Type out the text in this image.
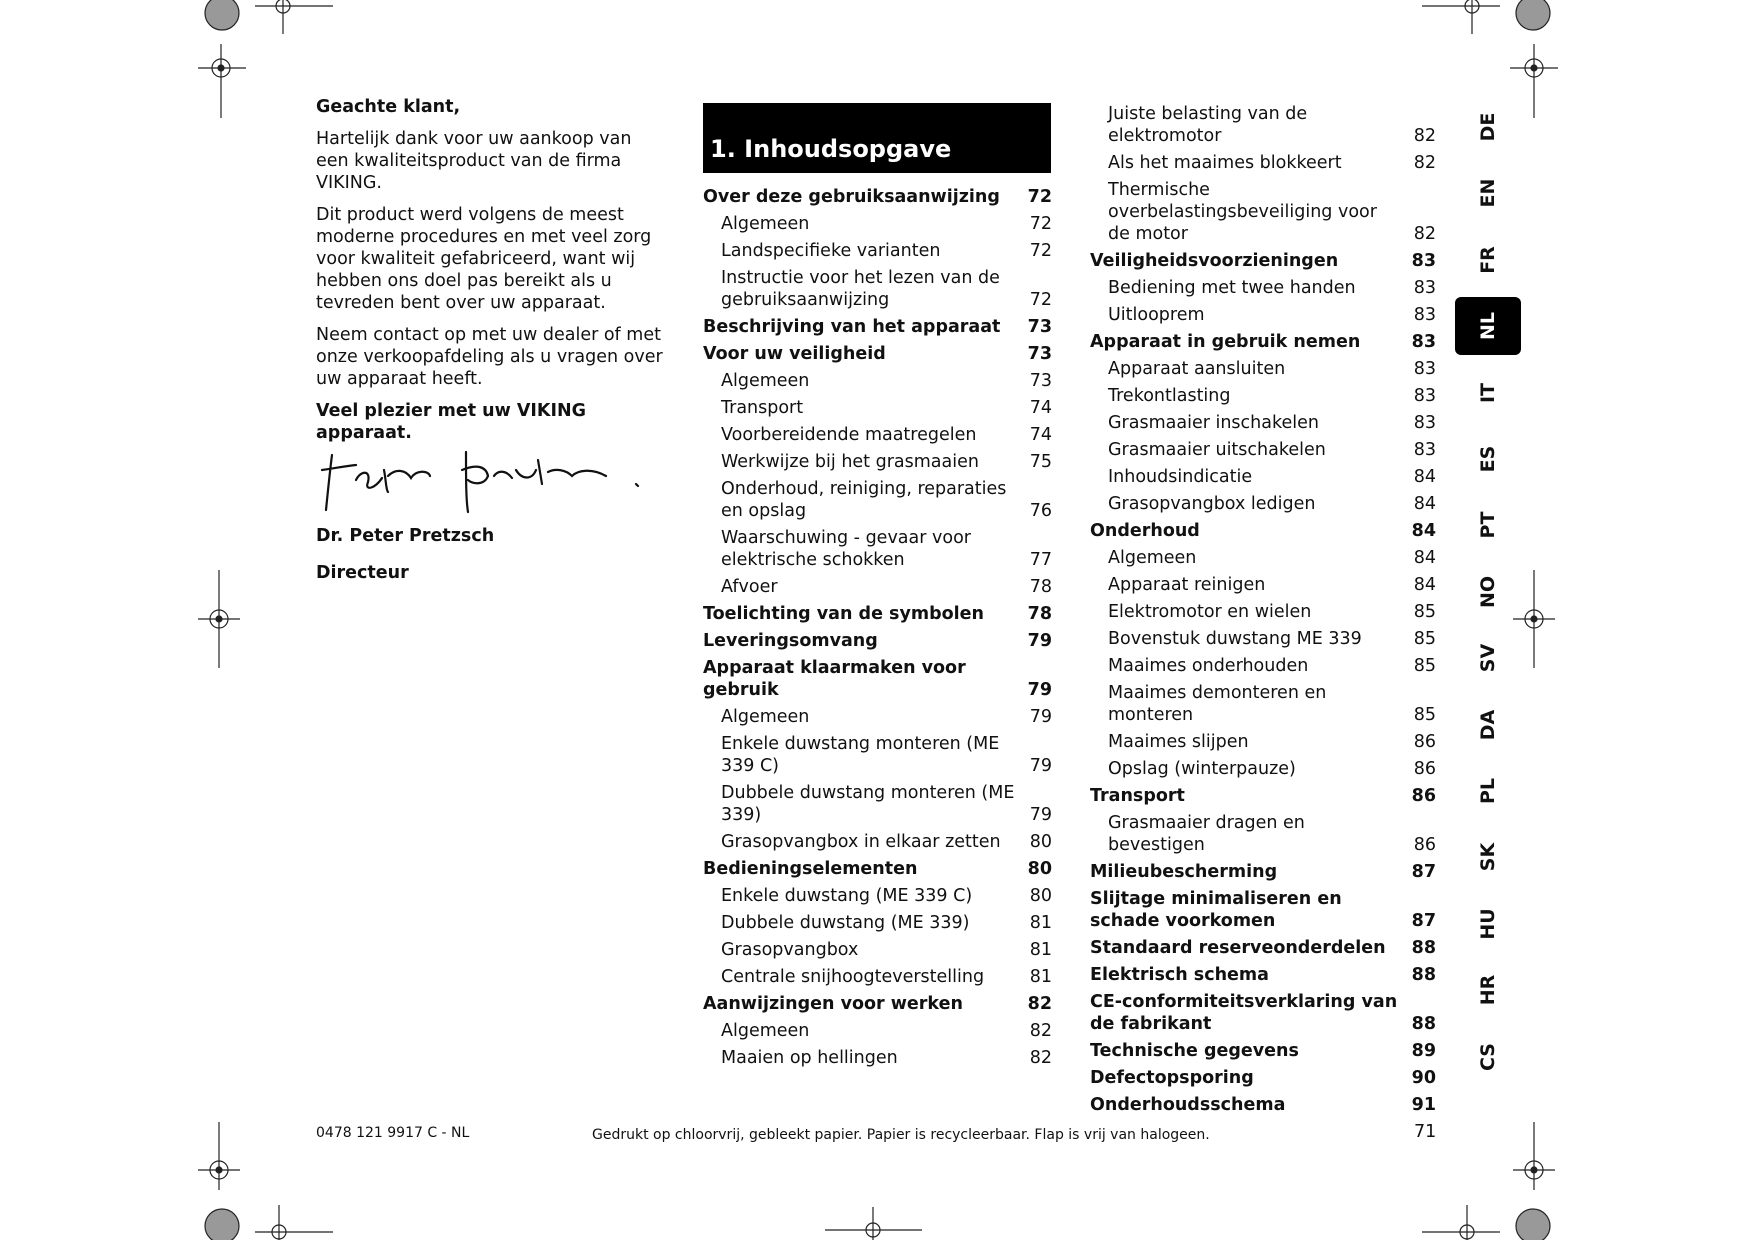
Geachte klant,

Hartelijk dank voor uw aankoop van een kwaliteitsproduct van de firma VIKING.

Dit product werd volgens de meest moderne procedures en met veel zorg voor kwaliteit gefabriceerd, want wij hebben ons doel pas bereikt als u tevreden bent over uw apparaat.

Neem contact op met uw dealer of met onze verkoopafdeling als u vragen over uw apparaat heeft.

Veel plezier met uw VIKING apparaat.

Dr. Peter Pretzsch
Directeur
1. Inhoudsopgave
Over deze gebruiksaanwijzing	72
Algemeen	72
Landspecifieke varianten	72
Instructie voor het lezen van de gebruiksaanwijzing	72
Beschrijving van het apparaat	73
Voor uw veiligheid	73
Algemeen	73
Transport	74
Voorbereidende maatregelen	74
Werkwijze bij het grasmaaien	75
Onderhoud, reiniging, reparaties en opslag	76
Waarschuwing - gevaar voor elektrische schokken	77
Afvoer	78
Toelichting van de symbolen	78
Leveringsomvang	79
Apparaat klaarmaken voor gebruik	79
Algemeen	79
Enkele duwstang monteren (ME 339 C)	79
Dubbele duwstang monteren (ME 339)	79
Grasopvangbox in elkaar zetten	80
Bedieningselementen	80
Enkele duwstang (ME 339 C)	80
Dubbele duwstang (ME 339)	81
Grasopvangbox	81
Centrale snijhoogteverstelling	81
Aanwijzingen voor werken	82
Algemeen	82
Maaien op hellingen	82
Juiste belasting van de elektromotor	82
Als het maaimes blokkeert	82
Thermische overbelastingsbeveiliging voor de motor	82
Veiligheidsvoorzieningen	83
Bediening met twee handen	83
Uitlooprem	83
Apparaat in gebruik nemen	83
Apparaat aansluiten	83
Trekontlasting	83
Grasmaaier inschakelen	83
Grasmaaier uitschakelen	83
Inhoudsindicatie	84
Grasopvangbox ledigen	84
Onderhoud	84
Algemeen	84
Apparaat reinigen	84
Elektromotor en wielen	85
Bovenstuk duwstang ME 339	85
Maaimes onderhouden	85
Maaimes demonteren en monteren	85
Maaimes slijpen	86
Opslag (winterpauze)	86
Transport	86
Grasmaaier dragen en bevestigen	86
Milieubescherming	87
Slijtage minimaliseren en schade voorkomen	87
Standaard reserveonderdelen	88
Elektrisch schema	88
CE-conformiteitsverklaring van de fabrikant	88
Technische gegevens	89
Defectopsporing	90
Onderhoudsschema	91
DE
EN
FR
NL
IT
ES
PT
NO
SV
DA
PL
SK
HU
HR
CS
0478 121 9917 C - NL	Gedrukt op chloorvrij, gebleekt papier. Papier is recycleerbaar. Flap is vrij van halogeen.	71
